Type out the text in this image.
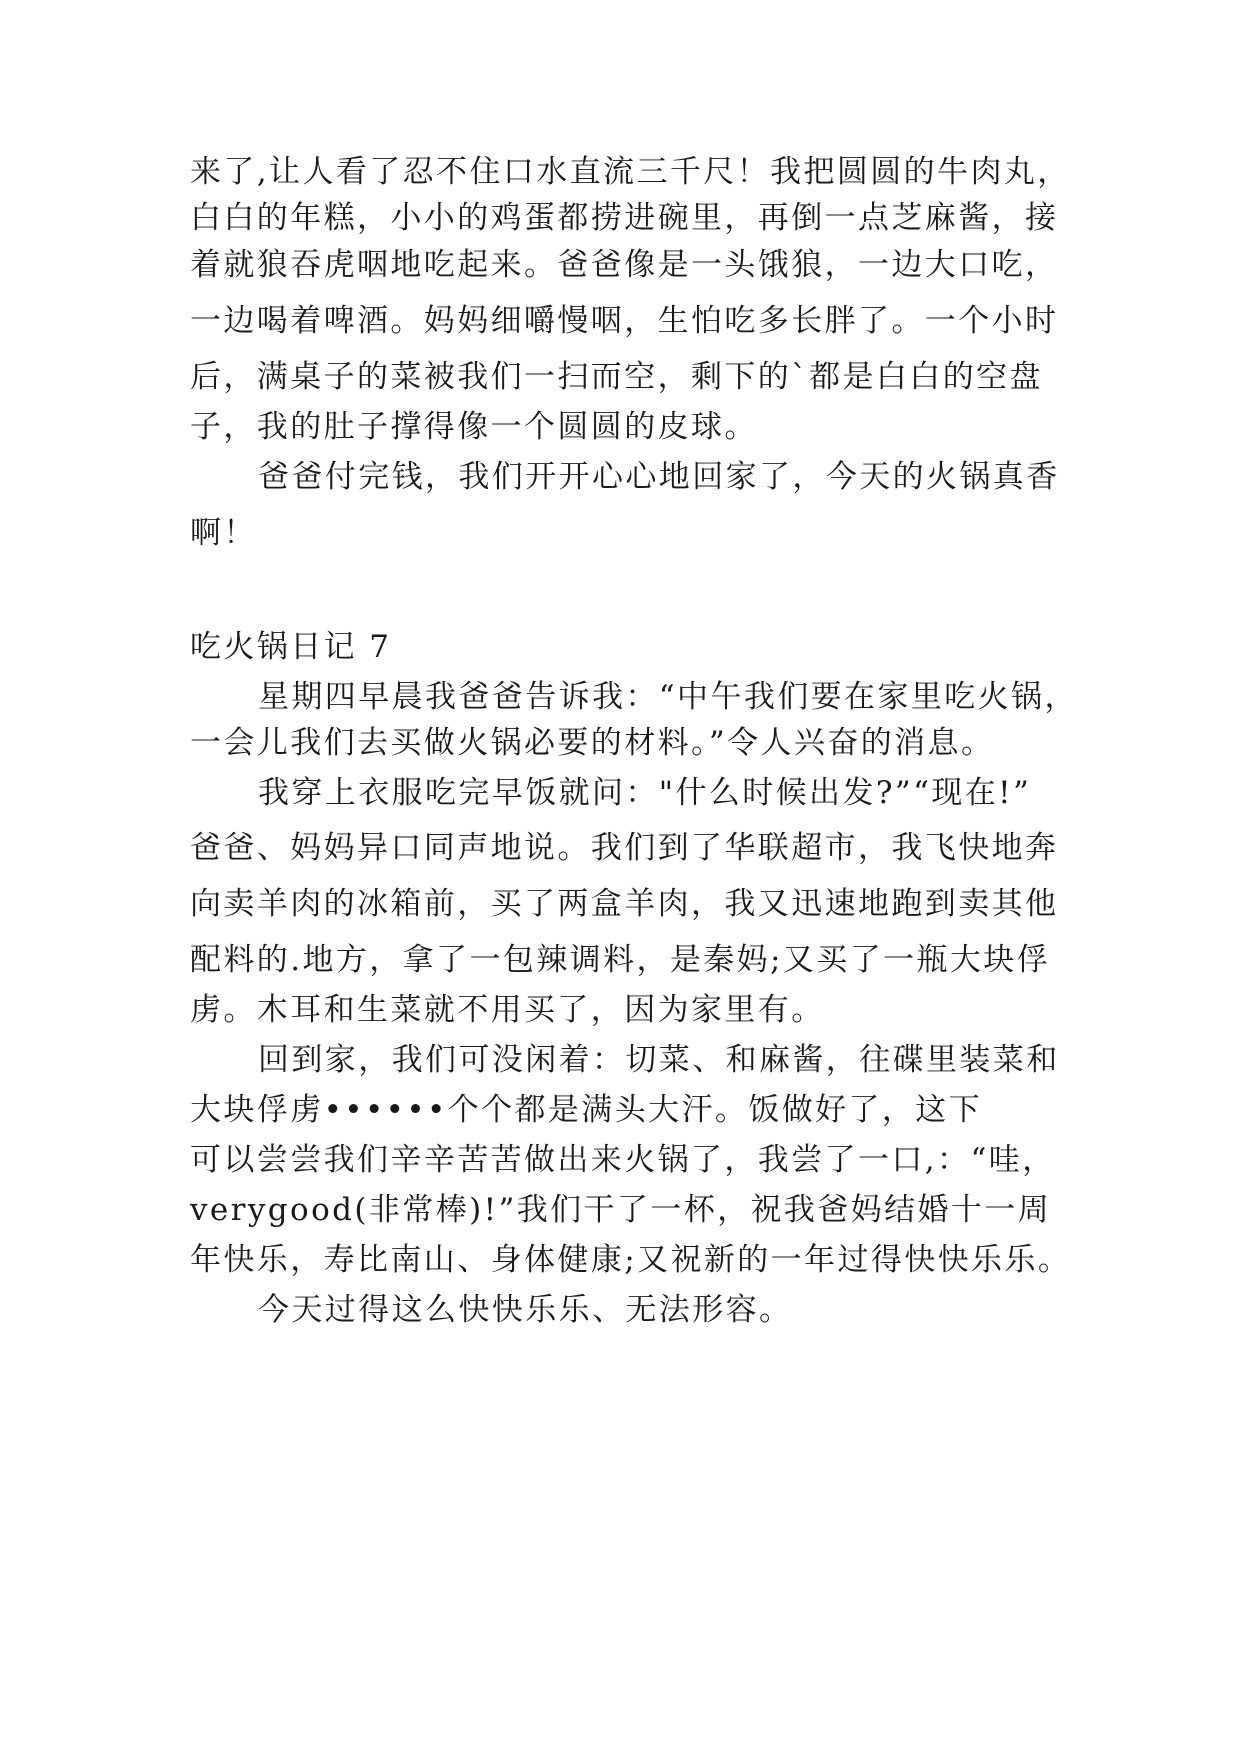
来了,让人看了忍不住口水直流三千尺！我把圆圆的牛肉丸，
白白的年糕，小小的鸡蛋都捞进碗里，再倒一点芝麻酱，接
着就狼吞虎咽地吃起来。爸爸像是一头饿狼，一边大口吃，
一边喝着啤酒。妈妈细嚼慢咽，生怕吃多长胖了。一个小时
后，满桌子的菜被我们一扫而空，剩下的`都是白白的空盘
子，我的肚子撑得像一个圆圆的皮球。
爸爸付完钱，我们开开心心地回家了，今天的火锅真香
啊！
吃火锅日记 7
星期四早晨我爸爸告诉我：“中午我们要在家里吃火锅，
一会儿我们去买做火锅必要的材料。”令人兴奋的消息。
我穿上衣服吃完早饭就问："什么时候出发?”“现在!”
爸爸、妈妈异口同声地说。我们到了华联超市，我飞快地奔
向卖羊肉的冰箱前，买了两盒羊肉，我又迅速地跑到卖其他
配料的.地方，拿了一包辣调料，是秦妈;又买了一瓶大块俘
虏。木耳和生菜就不用买了，因为家里有。
回到家，我们可没闲着：切菜、和麻酱，往碟里装菜和
大块俘虏••••••个个都是满头大汗。饭做好了，这下
可以尝尝我们辛辛苦苦做出来火锅了，我尝了一口,：“哇，
verygood(非常棒)!”我们干了一杯，祝我爸妈结婚十一周
年快乐，寿比南山、身体健康;又祝新的一年过得快快乐乐。
今天过得这么快快乐乐、无法形容。
